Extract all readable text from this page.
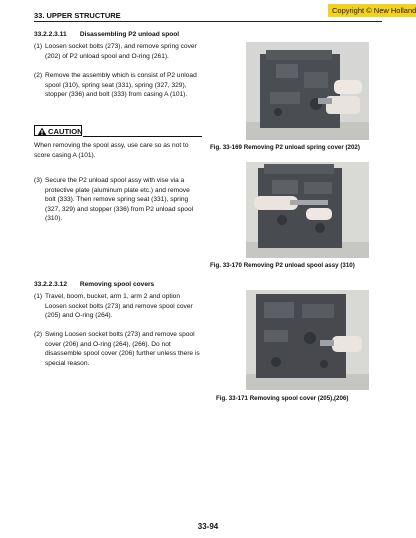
33. UPPER STRUCTURE
Copyright © New Holland
33.2.2.3.11 Disassembling P2 unload spool
(1) Loosen socket bolts (273), and remove spring cover (202) of P2 unload spool and O-ring (261).
(2) Remove the assembly which is consist of P2 unload spool (310), spring seat (331), spring (327, 329), stopper (336) and bolt (333) from casing A (101).
CAUTION
When removing the spool assy, use care so as not to score casing A (101).
(3) Secure the P2 unload spool assy with vise via a protective plate (aluminum plate etc.) and remove bolt (333). Then remove spring seat (331), spring (327, 329) and stopper (336) from P2 unload spool (310).
33.2.2.3.12 Removing spool covers
(1) Travel, boom, bucket, arm 1, arm 2 and option Loosen socket bolts (273) and remove spool cover (205) and O-ring (264).
(2) Swing Loosen socket bolts (273) and remove spool cover (206) and O-ring (264), (266). Do not disassemble spool cover (206) further unless there is special reason.
Fig. 33-169 Removing P2 unload spring cover (202)
Fig. 33-170 Removing P2 unload spool assy (310)
Fig. 33-171 Removing spool cover (205),(206)
33-94
